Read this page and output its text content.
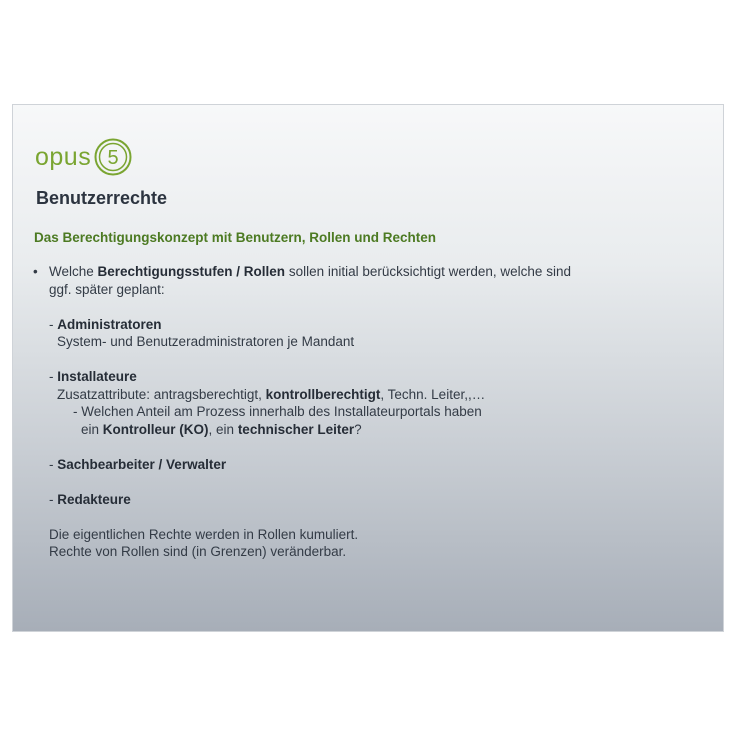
opus 5
Benutzerrechte
Das Berechtigungskonzept mit Benutzern, Rollen und Rechten
• Welche Berechtigungsstufen / Rollen sollen initial berücksichtigt werden, welche sind
ggf. später geplant:
- Administratoren
System- und Benutzeradministratoren je Mandant
- Installateure
Zusatzattribute: antragsberechtigt, kontrollberechtigt, Techn. Leiter,,…
- Welchen Anteil am Prozess innerhalb des Installateurportals haben
ein Kontrolleur (KO), ein technischer Leiter?
- Sachbearbeiter / Verwalter
- Redakteure
Die eigentlichen Rechte werden in Rollen kumuliert.
Rechte von Rollen sind (in Grenzen) veränderbar.
